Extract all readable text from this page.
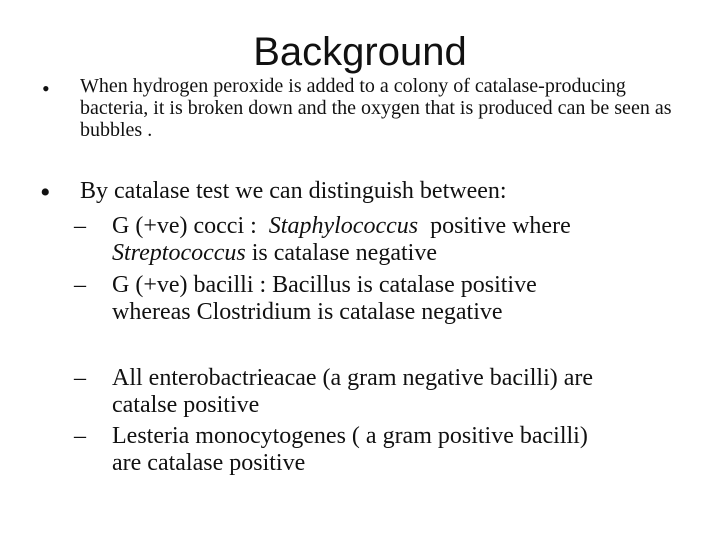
Background
• When hydrogen peroxide is added to a colony of catalase-producing bacteria, it is broken down and the oxygen that is produced can be seen as bubbles .
• By catalase test we can distinguish between:
– G (+ve) cocci :  Staphylococcus  positive where
Streptococcus is catalase negative
– G (+ve) bacilli : Bacillus is catalase positive
whereas Clostridium is catalase negative
– All enterobactrieacae (a gram negative bacilli) are
catalse positive
– Lesteria monocytogenes ( a gram positive bacilli)
are catalase positive
